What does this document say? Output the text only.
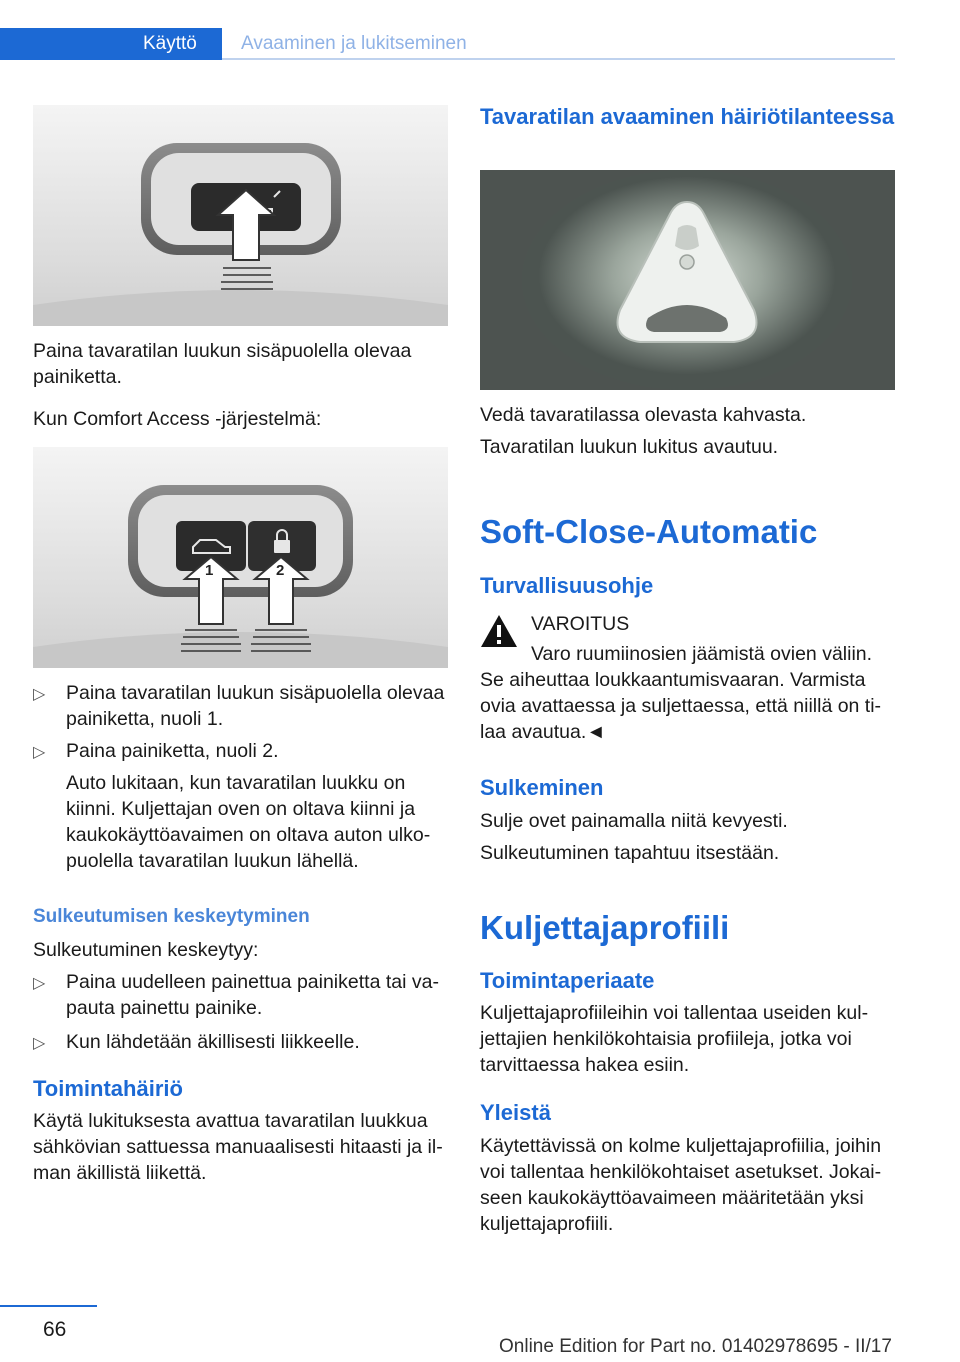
Käyttö Avaaminen ja lukitseminen

Paina tavaratilan luukun sisäpuolella olevaa painiketta.

Kun Comfort Access -järjestelmä:

1	2
▷ Paina tavaratilan luukun sisäpuolella olevaa painiketta, nuoli 1.

▷ Paina painiketta, nuoli 2.

Auto lukitaan, kun tavaratilan luukku on kiinni. Kuljettajan oven on oltava kiinni ja kaukokäyttöavaimen on oltava auton ulko‐puolella tavaratilan luukun lähellä.

Sulkeutumisen keskeytyminen

Sulkeutuminen keskeytyy:

▷ Paina uudelleen painettua painiketta tai va‐pauta painettu painike.

▷ Kun lähdetään äkillisesti liikkeelle.

Toimintahäiriö

Käytä lukituksesta avattua tavaratilan luukkua sähkövian sattuessa manuaalisesti hitaasti ja il‐man äkillistä liikettä.

Tavaratilan avaaminen häiriötilanteessa

Vedä tavaratilassa olevasta kahvasta.

Tavaratilan luukun lukitus avautuu.

Soft-Close-Automatic
Turvallisuusohje

VAROITUS

Varo ruumiinosien jäämistä ovien väliin.

Se aiheuttaa loukkaantumisvaaran. Varmista ovia avattaessa ja suljettaessa, että niillä on ti‐laa avautua.◄

Sulkeminen

Sulje ovet painamalla niitä kevyesti.

Sulkeutuminen tapahtuu itsestään.

Kuljettajaprofiili
Toimintaperiaate

Kuljettajaprofiileihin voi tallentaa useiden kul‐jettajien henkilökohtaisia profiileja, jotka voi tarvittaessa hakea esiin.

Yleistä

Käytettävissä on kolme kuljettajaprofiilia, joihin voi tallentaa henkilökohtaiset asetukset. Jokai‐seen kaukokäyttöavaimeen määritetään yksi kuljettajaprofiili.

66
Online Edition for Part no. 01402978695 - II/17
